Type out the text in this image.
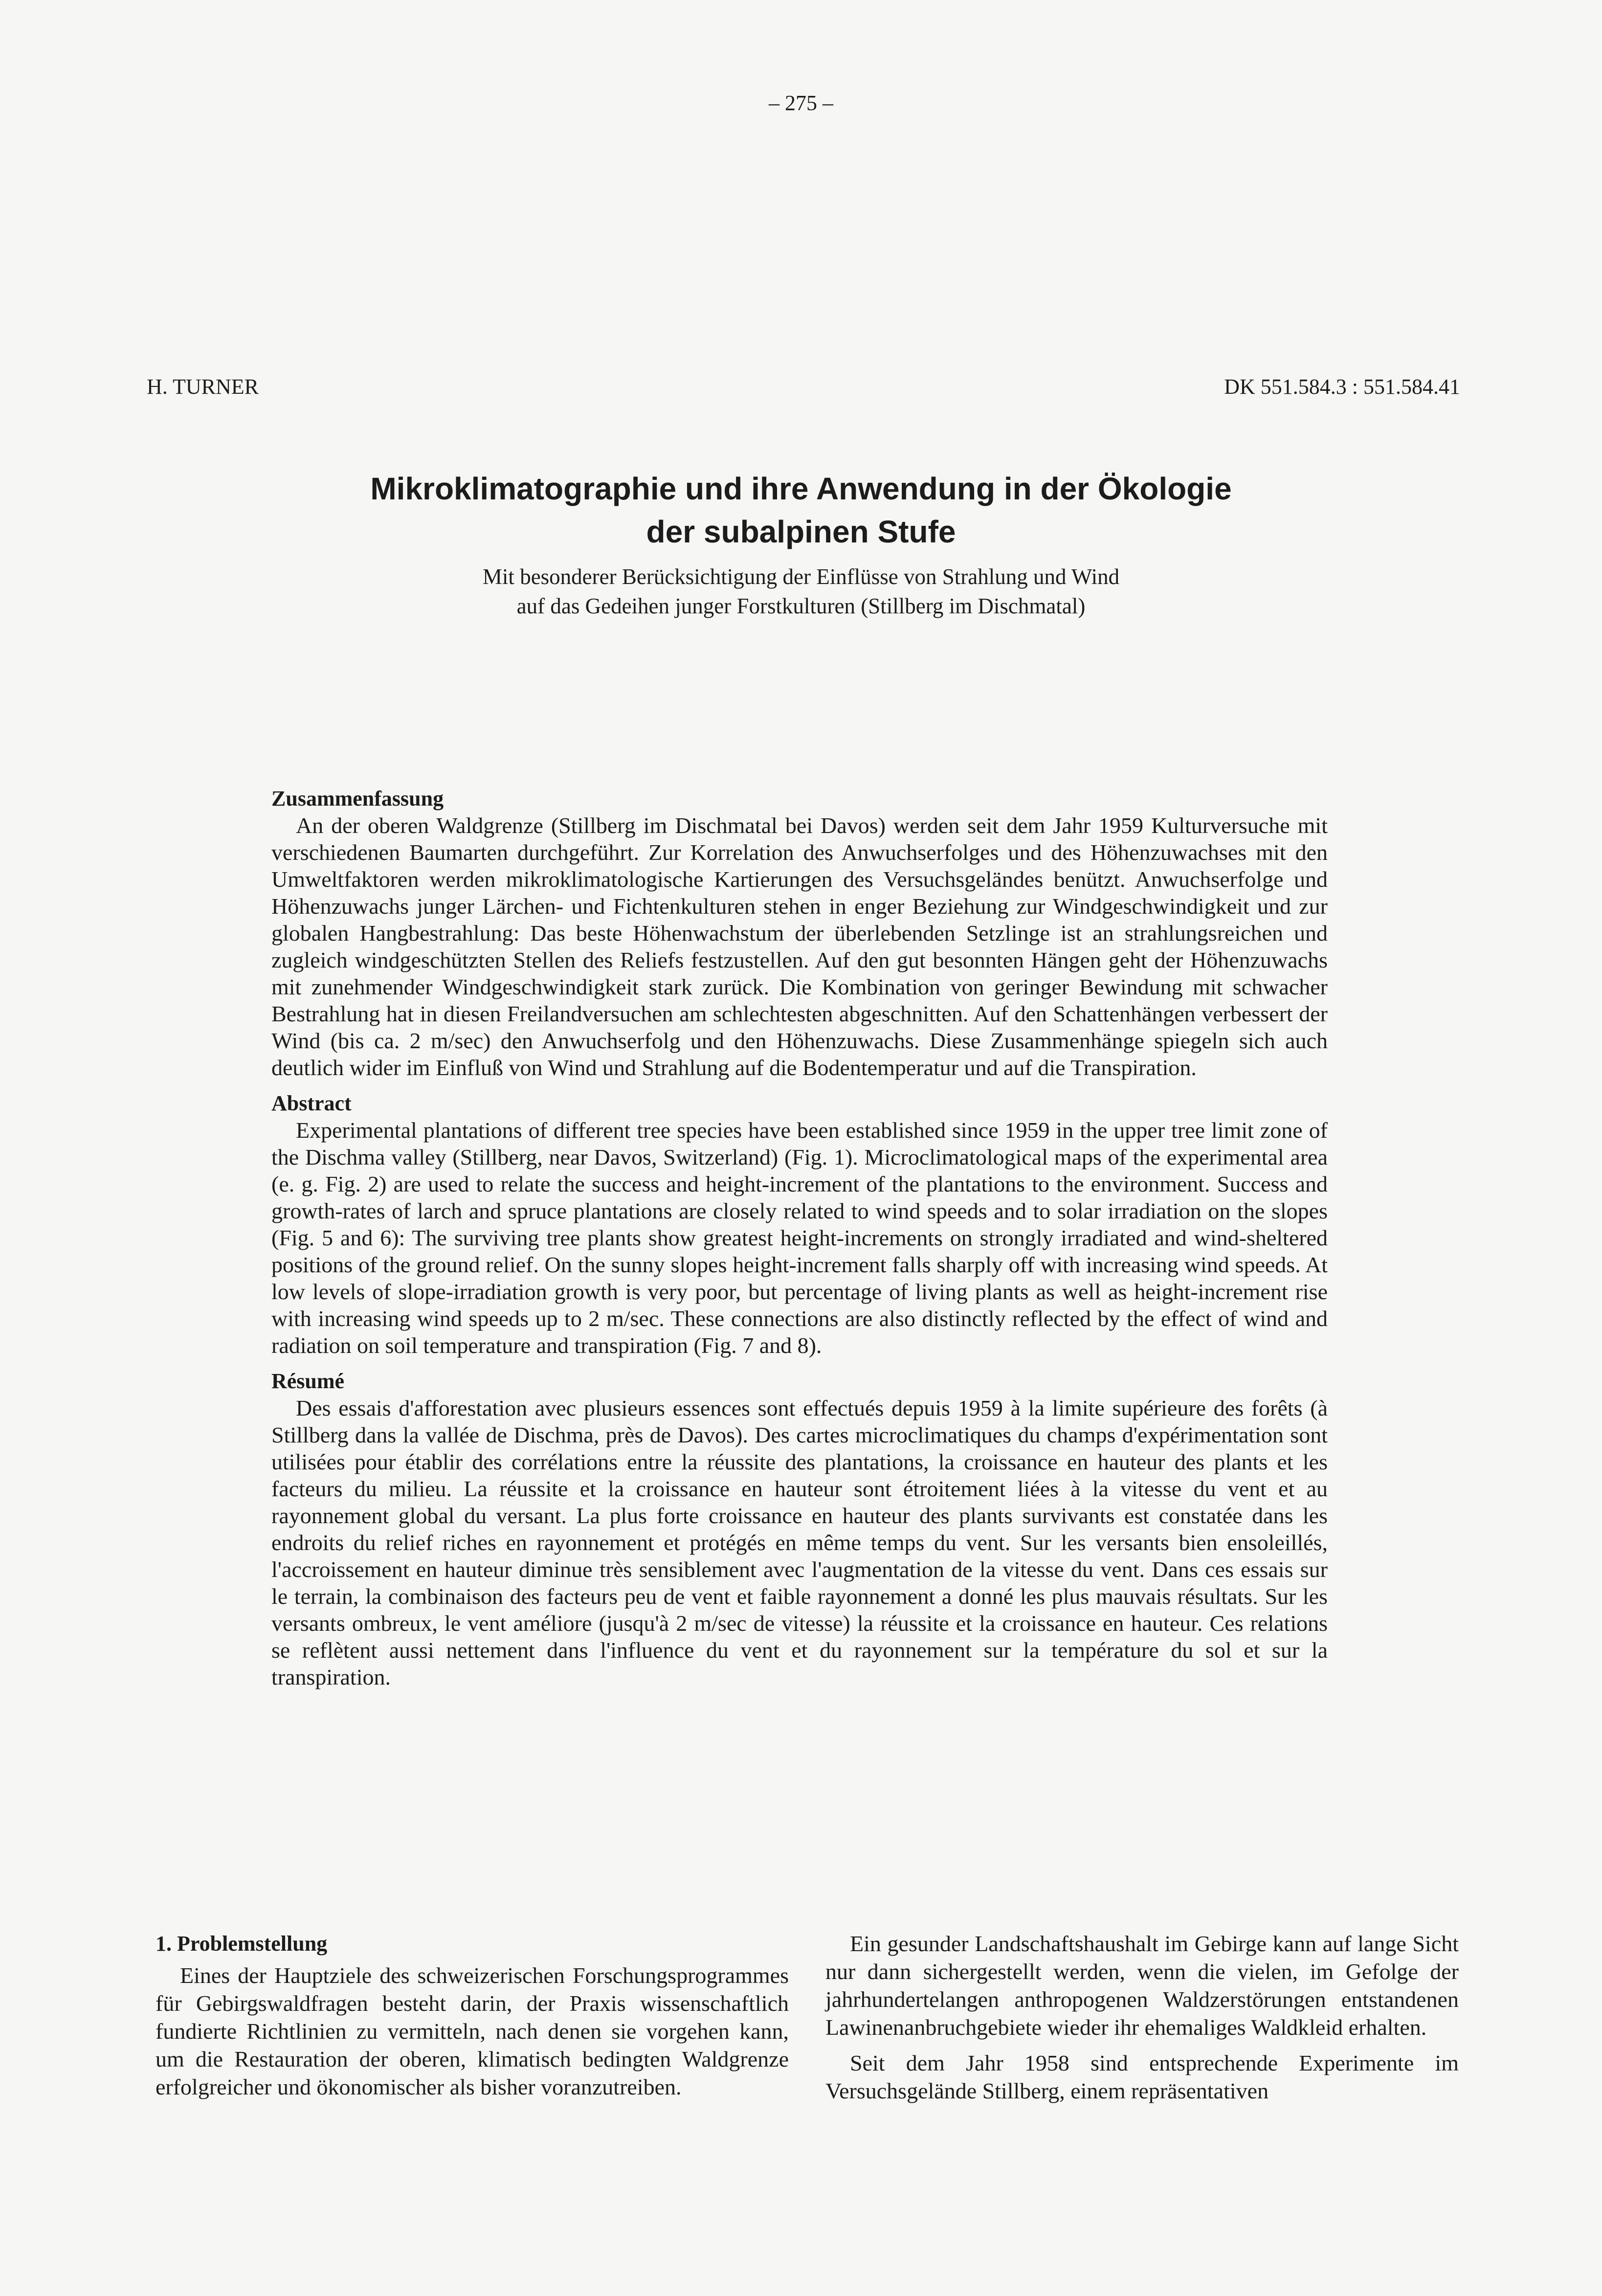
– 275 –
H. TURNER	DK 551.584.3 : 551.584.41
Mikroklimatographie und ihre Anwendung in der Ökologie
der subalpinen Stufe
Mit besonderer Berücksichtigung der Einflüsse von Strahlung und Wind
auf das Gedeihen junger Forstkulturen (Stillberg im Dischmatal)
Zusammenfassung

An der oberen Waldgrenze (Stillberg im Dischmatal bei Davos) werden seit dem Jahr 1959 Kulturversuche mit verschiedenen Baumarten durchgeführt. Zur Korrelation des Anwuchserfolges und des Höhenzuwachses mit den Umweltfaktoren werden mikroklimatologische Kartierungen des Versuchsgeländes benützt. Anwuchserfolge und Höhenzuwachs junger Lärchen- und Fichtenkulturen stehen in enger Beziehung zur Windgeschwindigkeit und zur globalen Hangbestrahlung: Das beste Höhenwachstum der überlebenden Setzlinge ist an strahlungsreichen und zugleich windgeschützten Stellen des Reliefs festzustellen. Auf den gut besonnten Hängen geht der Höhenzuwachs mit zunehmender Windgeschwindigkeit stark zurück. Die Kombination von geringer Bewindung mit schwacher Bestrahlung hat in diesen Freilandversuchen am schlechtesten abgeschnitten. Auf den Schattenhängen verbessert der Wind (bis ca. 2 m/sec) den Anwuchserfolg und den Höhenzuwachs. Diese Zusammenhänge spiegeln sich auch deutlich wider im Einfluß von Wind und Strahlung auf die Bodentemperatur und auf die Transpiration.

Abstract

Experimental plantations of different tree species have been established since 1959 in the upper tree limit zone of the Dischma valley (Stillberg, near Davos, Switzerland) (Fig. 1). Microclimatological maps of the experimental area (e. g. Fig. 2) are used to relate the success and height-increment of the plantations to the environment. Success and growth-rates of larch and spruce plantations are closely related to wind speeds and to solar irradiation on the slopes (Fig. 5 and 6): The surviving tree plants show greatest height-increments on strongly irradiated and wind-sheltered positions of the ground relief. On the sunny slopes height-increment falls sharply off with increasing wind speeds. At low levels of slope-irradiation growth is very poor, but percentage of living plants as well as height-increment rise with increasing wind speeds up to 2 m/sec. These connections are also distinctly reflected by the effect of wind and radiation on soil temperature and transpiration (Fig. 7 and 8).

Résumé

Des essais d'afforestation avec plusieurs essences sont effectués depuis 1959 à la limite supérieure des forêts (à Stillberg dans la vallée de Dischma, près de Davos). Des cartes microclimatiques du champs d'expérimentation sont utilisées pour établir des corrélations entre la réussite des plantations, la croissance en hauteur des plants et les facteurs du milieu. La réussite et la croissance en hauteur sont étroitement liées à la vitesse du vent et au rayonnement global du versant. La plus forte croissance en hauteur des plants survivants est constatée dans les endroits du relief riches en rayonnement et protégés en même temps du vent. Sur les versants bien ensoleillés, l'accroissement en hauteur diminue très sensiblement avec l'augmentation de la vitesse du vent. Dans ces essais sur le terrain, la combinaison des facteurs peu de vent et faible rayonnement a donné les plus mauvais résultats. Sur les versants ombreux, le vent améliore (jusqu'à 2 m/sec de vitesse) la réussite et la croissance en hauteur. Ces relations se reflètent aussi nettement dans l'influence du vent et du rayonnement sur la température du sol et sur la transpiration.

1. Problemstellung

Eines der Hauptziele des schweizerischen Forschungsprogrammes für Gebirgswaldfragen besteht darin, der Praxis wissenschaftlich fundierte Richtlinien zu vermitteln, nach denen sie vorgehen kann, um die Restauration der oberen, klimatisch bedingten Waldgrenze erfolgreicher und ökonomischer als bisher voranzutreiben.

Ein gesunder Landschaftshaushalt im Gebirge kann auf lange Sicht nur dann sichergestellt werden, wenn die vielen, im Gefolge der jahrhundertelangen anthropogenen Waldzerstörungen entstandenen Lawinenanbruchgebiete wieder ihr ehemaliges Waldkleid erhalten.

Seit dem Jahr 1958 sind entsprechende Experimente im Versuchsgelände Stillberg, einem repräsentativen
